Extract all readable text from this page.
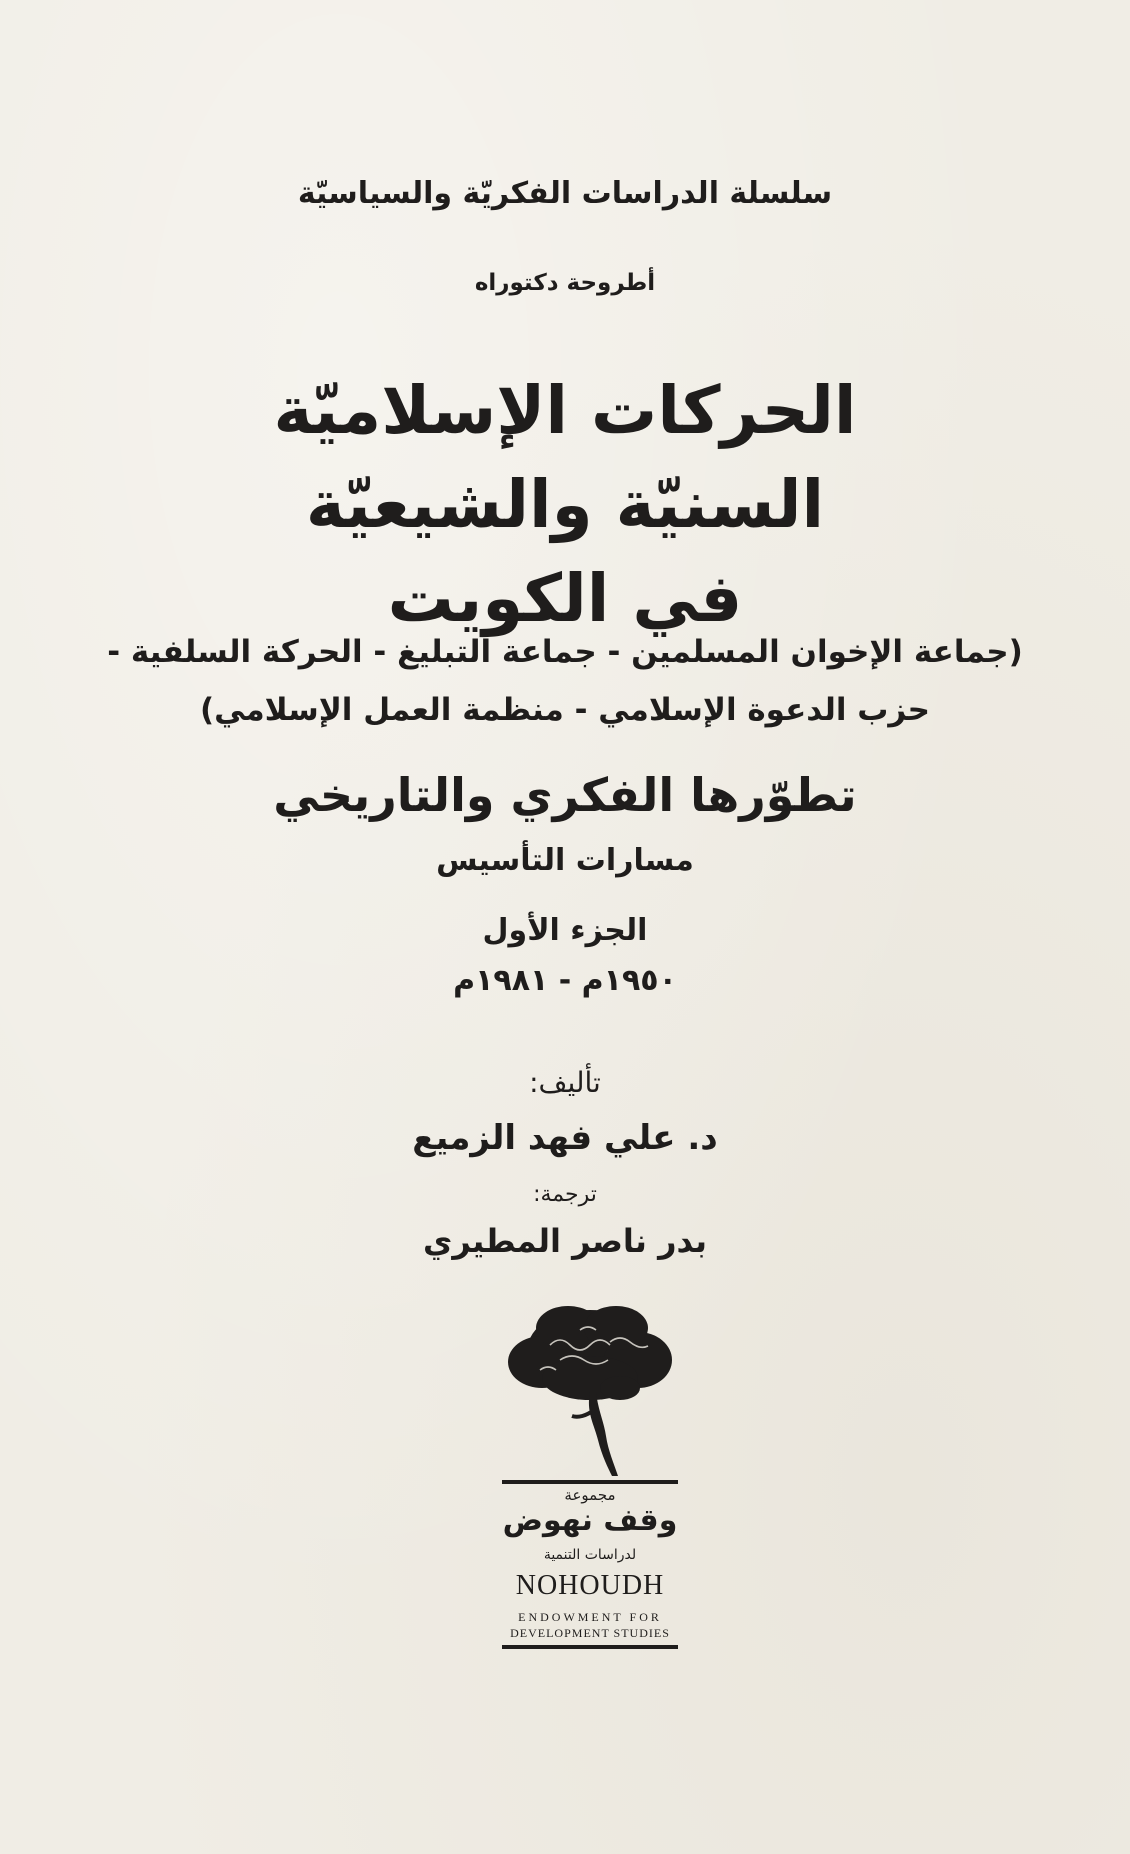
سلسلة الدراسات الفكريّة والسياسيّة
أطروحة دكتوراه
الحركات الإسلاميّة
السنيّة والشيعيّة
في الكويت
(جماعة الإخوان المسلمين - جماعة التبليغ - الحركة السلفية -
حزب الدعوة الإسلامي - منظمة العمل الإسلامي)
تطوّرها الفكري والتاريخي
مسارات التأسيس
الجزء الأول
١٩٥٠م - ١٩٨١م
تأليف:
د. علي فهد الزميع
ترجمة:
بدر ناصر المطيري
مجموعة
وقف نهوض
لدراسات التنمية
NOHOUDH
ENDOWMENT FOR
DEVELOPMENT STUDIES
